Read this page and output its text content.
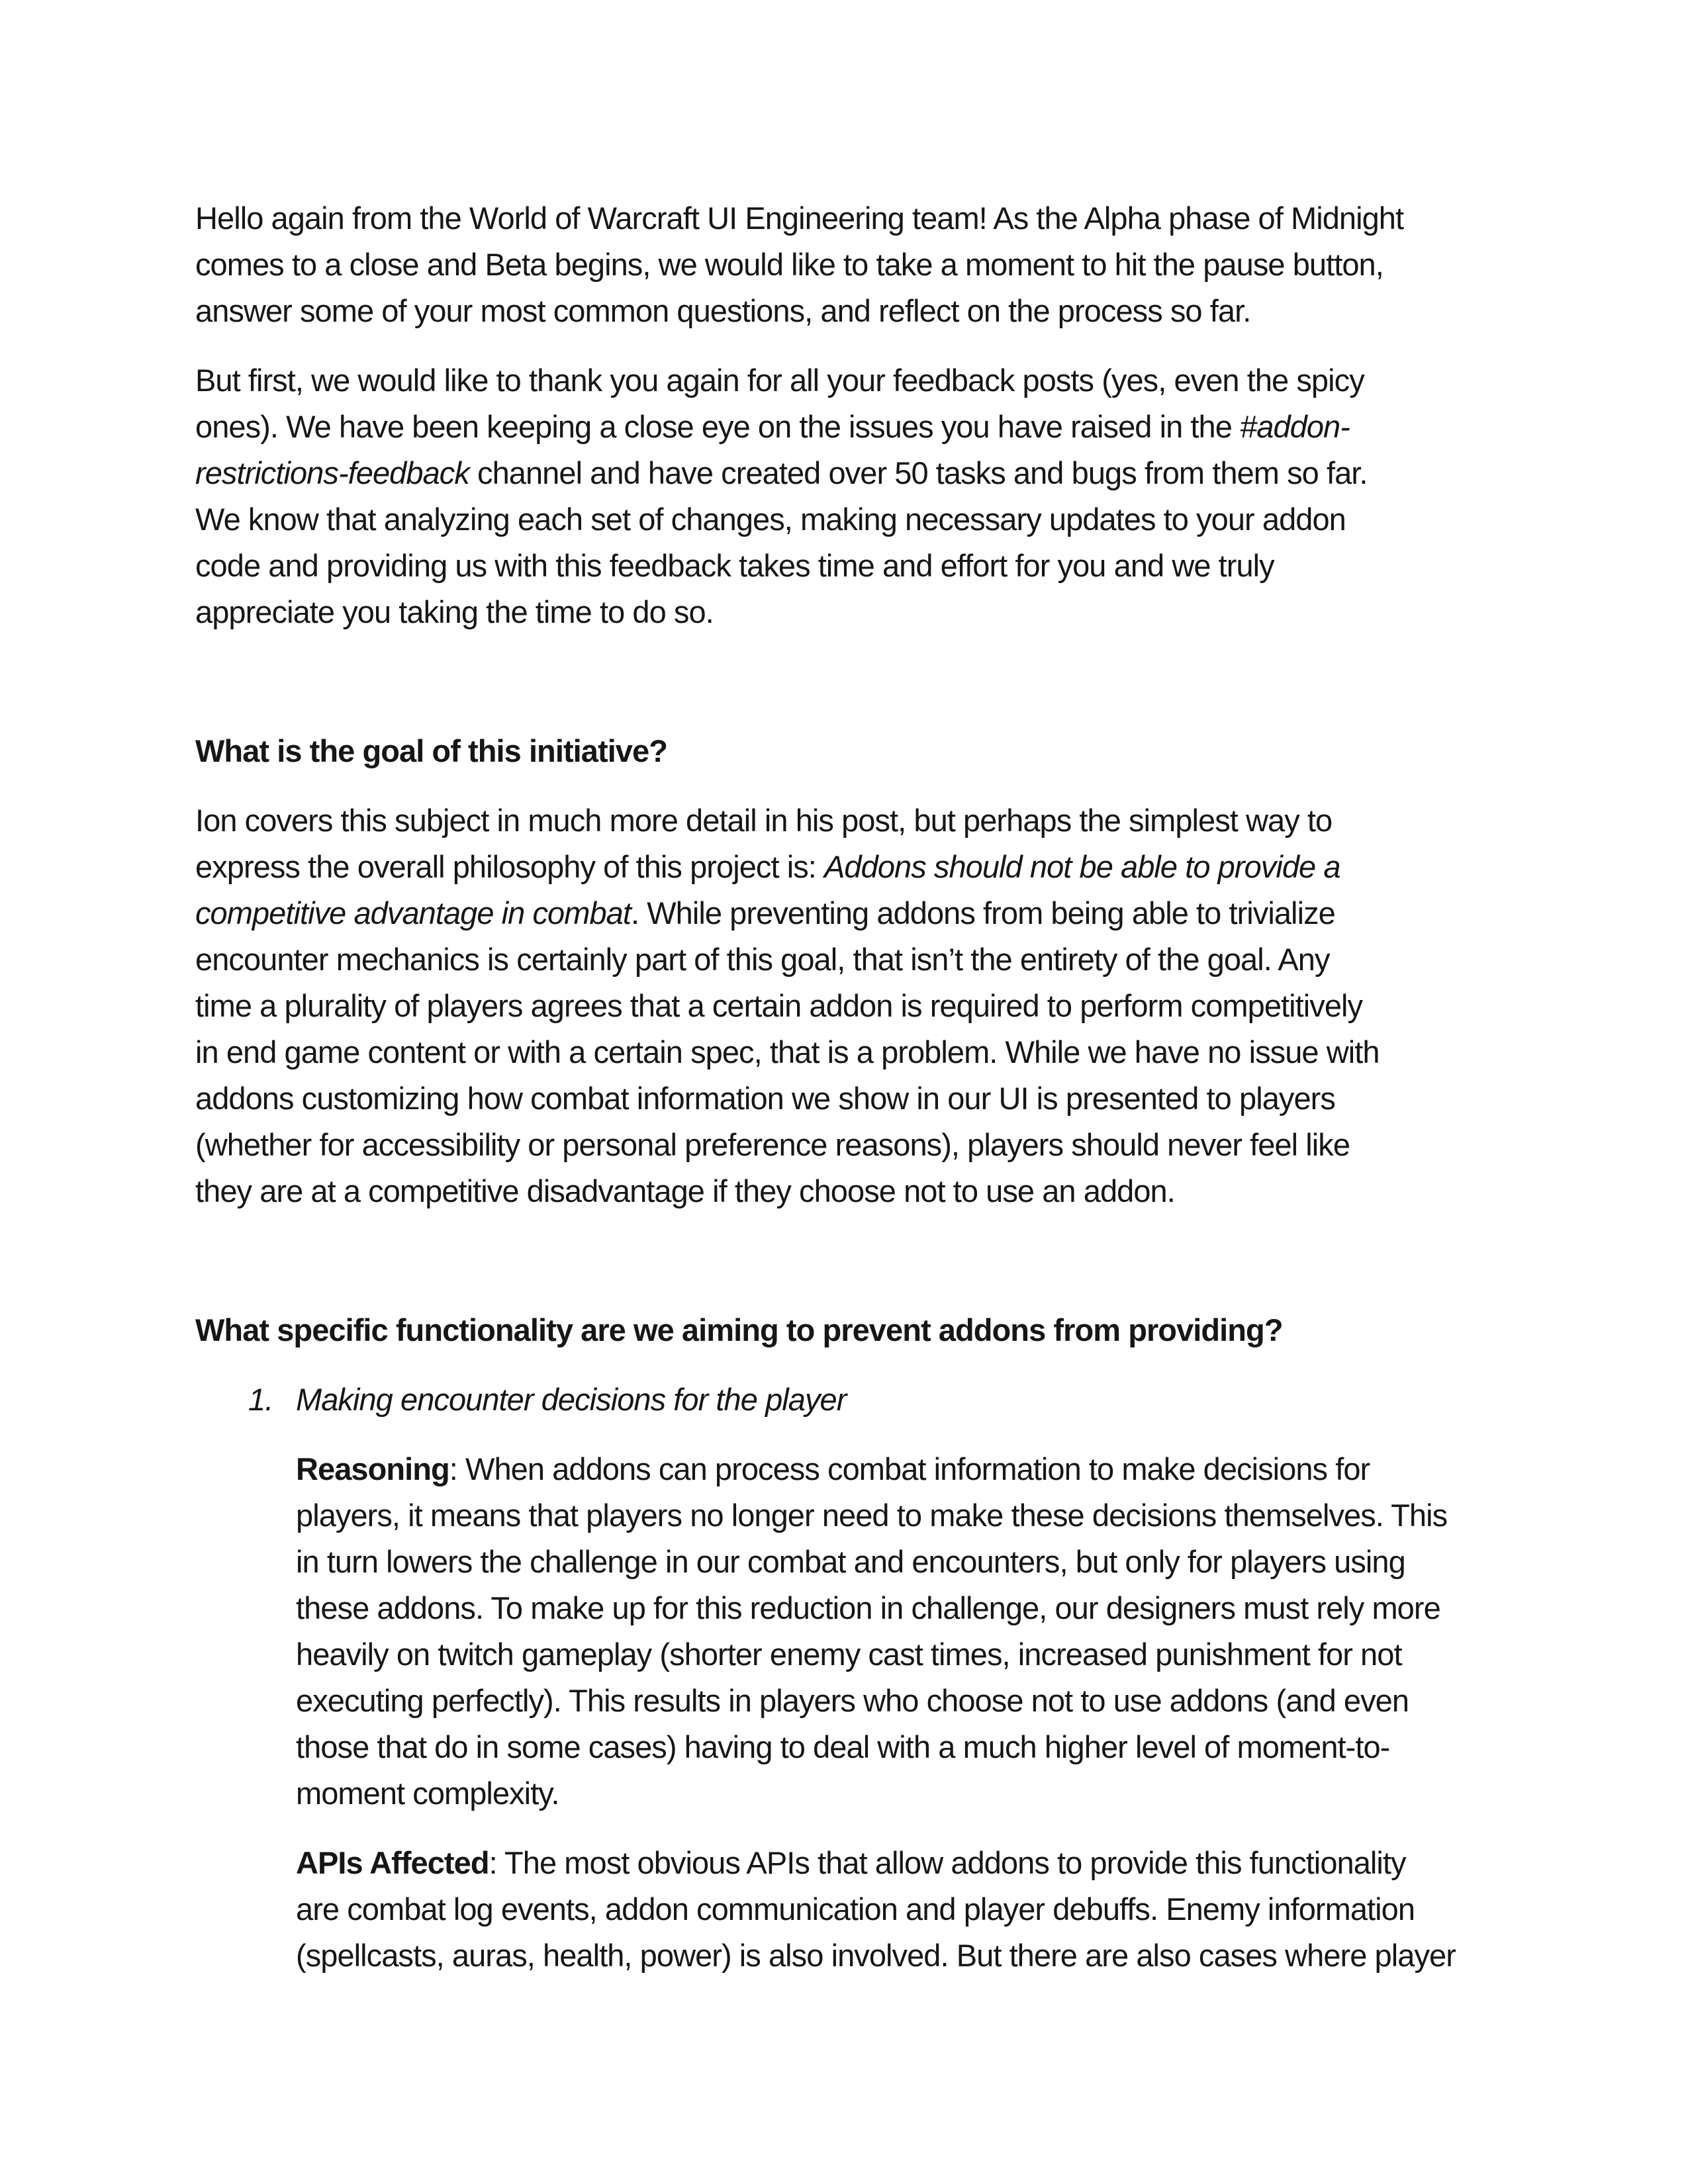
Hello again from the World of Warcraft UI Engineering team! As the Alpha phase of Midnight
comes to a close and Beta begins, we would like to take a moment to hit the pause button,
answer some of your most common questions, and reflect on the process so far.
But first, we would like to thank you again for all your feedback posts (yes, even the spicy
ones). We have been keeping a close eye on the issues you have raised in the #addon-
restrictions-feedback channel and have created over 50 tasks and bugs from them so far.
We know that analyzing each set of changes, making necessary updates to your addon
code and providing us with this feedback takes time and effort for you and we truly
appreciate you taking the time to do so.
What is the goal of this initiative?
Ion covers this subject in much more detail in his post, but perhaps the simplest way to
express the overall philosophy of this project is: Addons should not be able to provide a
competitive advantage in combat. While preventing addons from being able to trivialize
encounter mechanics is certainly part of this goal, that isn’t the entirety of the goal. Any
time a plurality of players agrees that a certain addon is required to perform competitively
in end game content or with a certain spec, that is a problem. While we have no issue with
addons customizing how combat information we show in our UI is presented to players
(whether for accessibility or personal preference reasons), players should never feel like
they are at a competitive disadvantage if they choose not to use an addon.
What specific functionality are we aiming to prevent addons from providing?
1. Making encounter decisions for the player
Reasoning: When addons can process combat information to make decisions for
players, it means that players no longer need to make these decisions themselves. This
in turn lowers the challenge in our combat and encounters, but only for players using
these addons. To make up for this reduction in challenge, our designers must rely more
heavily on twitch gameplay (shorter enemy cast times, increased punishment for not
executing perfectly). This results in players who choose not to use addons (and even
those that do in some cases) having to deal with a much higher level of moment-to-
moment complexity.
APIs Affected: The most obvious APIs that allow addons to provide this functionality
are combat log events, addon communication and player debuffs. Enemy information
(spellcasts, auras, health, power) is also involved. But there are also cases where player
